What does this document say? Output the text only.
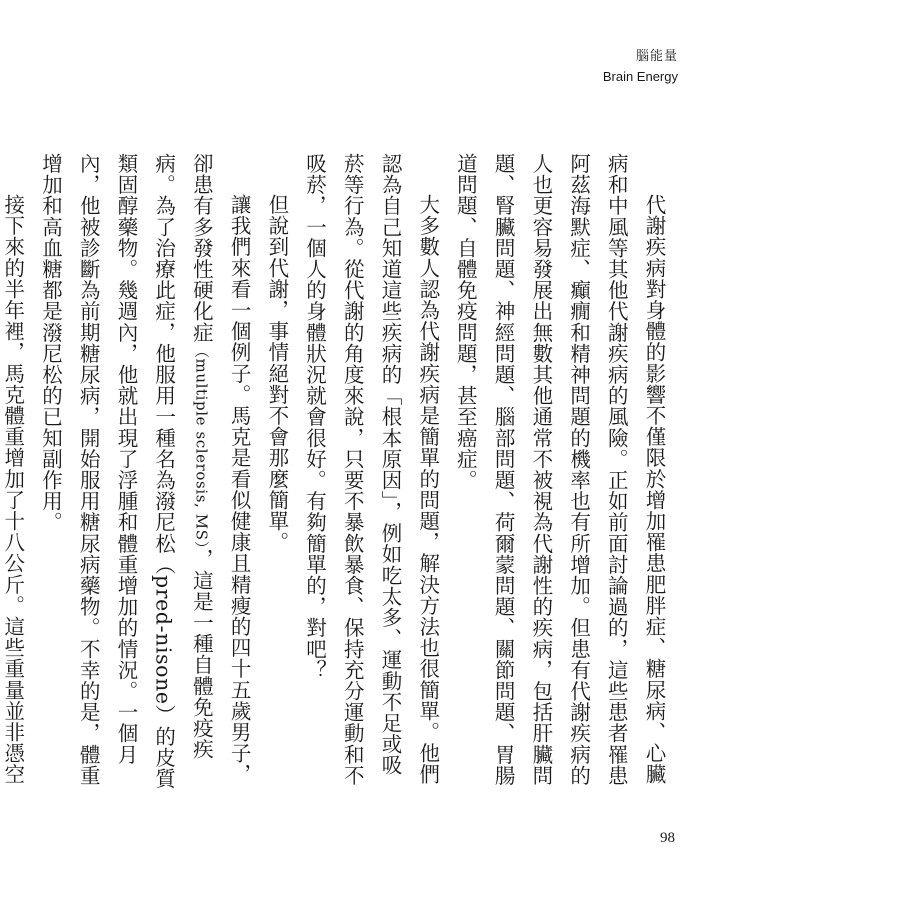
腦能量
Brain Energy

代謝疾病對身體的影響不僅限於增加罹患肥胖症、糖尿病、心臟病和中風等其他代謝疾病的風險。正如前面討論過的，這些患者罹患阿茲海默症、癲癇和精神問題的機率也有所增加。但患有代謝疾病的人也更容易發展出無數其他通常不被視為代謝性的疾病，包括肝臟問題、腎臟問題、神經問題、腦部問題、荷爾蒙問題、關節問題、胃腸道問題、自體免疫問題，甚至癌症。

大多數人認為代謝疾病是簡單的問題，解決方法也很簡單。他們認為自己知道這些疾病的「根本原因」，例如吃太多、運動不足或吸菸等行為。從代謝的角度來說，只要不暴飲暴食、保持充分運動和不吸菸，一個人的身體狀況就會很好。有夠簡單的，對吧？

但說到代謝，事情絕對不會那麼簡單。

讓我們來看一個例子。馬克是看似健康且精瘦的四十五歲男子，卻患有多發性硬化症（multiple sclerosis, MS），這是一種自體免疫疾病。為了治療此症，他服用一種名為潑尼松（pred-nisone）的皮質類固醇藥物。幾週內，他就出現了浮腫和體重增加的情況。一個月內，他被診斷為前期糖尿病，開始服用糖尿病藥物。不幸的是，體重增加和高血糖都是潑尼松的已知副作用。

接下來的半年裡，馬克體重增加了十八公斤。這些重量並非憑空

98
